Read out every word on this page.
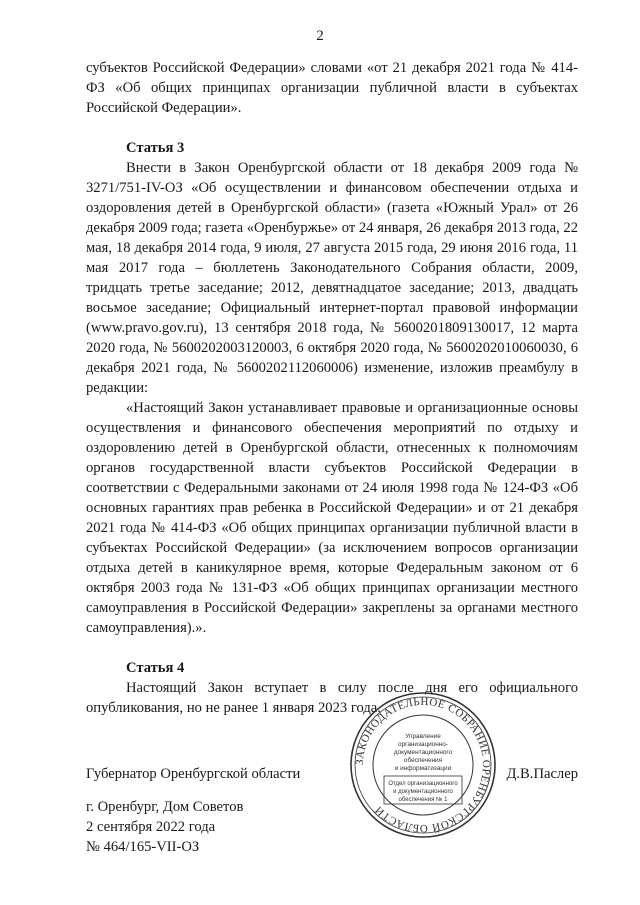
2

субъектов Российской Федерации» словами «от 21 декабря 2021 года № 414-ФЗ «Об общих принципах организации публичной власти в субъектах Российской Федерации».

Статья 3

Внести в Закон Оренбургской области от 18 декабря 2009 года № 3271/751-IV-ОЗ «Об осуществлении и финансовом обеспечении отдыха и оздоровления детей в Оренбургской области» (газета «Южный Урал» от 26 декабря 2009 года; газета «Оренбуржье» от 24 января, 26 декабря 2013 года, 22 мая, 18 декабря 2014 года, 9 июля, 27 августа 2015 года, 29 июня 2016 года, 11 мая 2017 года – бюллетень Законодательного Собрания области, 2009, тридцать третье заседание; 2012, девятнадцатое заседание; 2013, двадцать восьмое заседание; Официальный интернет-портал правовой информации (www.pravo.gov.ru), 13 сентября 2018 года, № 5600201809130017, 12 марта 2020 года, № 5600202003120003, 6 октября 2020 года, № 5600202010060030, 6 декабря 2021 года, № 5600202112060006) изменение, изложив преамбулу в редакции:

«Настоящий Закон устанавливает правовые и организационные основы осуществления и финансового обеспечения мероприятий по отдыху и оздоровлению детей в Оренбургской области, отнесенных к полномочиям органов государственной власти субъектов Российской Федерации в соответствии с Федеральными законами от 24 июля 1998 года № 124-ФЗ «Об основных гарантиях прав ребенка в Российской Федерации» и от 21 декабря 2021 года № 414-ФЗ «Об общих принципах организации публичной власти в субъектах Российской Федерации» (за исключением вопросов организации отдыха детей в каникулярное время, которые Федеральным законом от 6 октября 2003 года № 131-ФЗ «Об общих принципах организации местного самоуправления в Российской Федерации» закреплены за органами местного самоуправления).».

Статья 4

Настоящий Закон вступает в силу после дня его официального опубликования, но не ранее 1 января 2023 года.

ЗАКОНОДАТЕЛЬНОЕ СОБРАНИЕ ОРЕНБУРГСКОЙ ОБЛАСТИ
Управление
организационно-
документационного
обеспечения
и информатизации
Отдел организационного
и документационного
обеспечения № 1
Губернатор Оренбургской области	Д.В.Паслер
г. Оренбург, Дом Советов
2 сентября 2022 года
№ 464/165-VII-ОЗ
